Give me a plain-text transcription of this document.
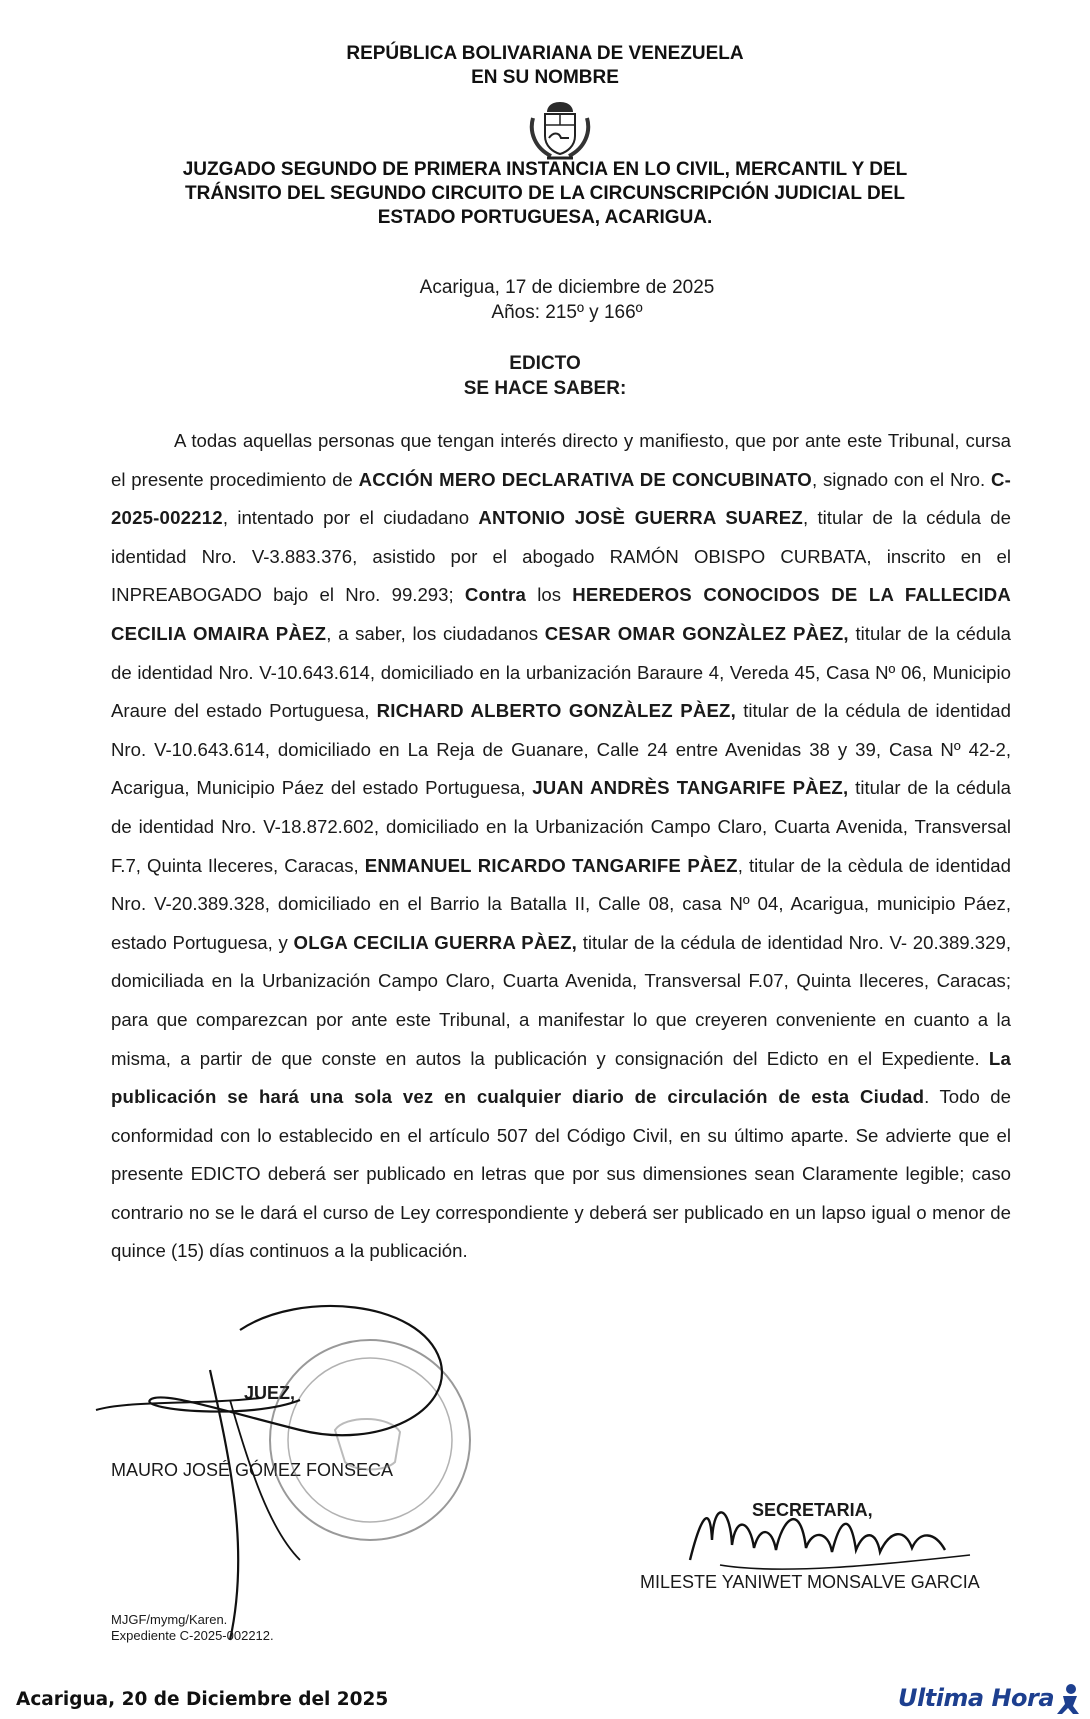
REPÚBLICA BOLIVARIANA DE VENEZUELA
EN SU NOMBRE
JUZGADO SEGUNDO DE PRIMERA INSTANCIA EN LO CIVIL, MERCANTIL Y DEL
TRÁNSITO DEL SEGUNDO CIRCUITO DE LA CIRCUNSCRIPCIÓN JUDICIAL DEL
ESTADO PORTUGUESA, ACARIGUA.
Acarigua, 17 de diciembre de 2025
Años: 215º y 166º
EDICTO
SE HACE SABER:

A todas aquellas personas que tengan interés directo y manifiesto, que por ante este Tribunal, cursa el presente procedimiento de ACCIÓN MERO DECLARATIVA DE CONCUBINATO, signado con el Nro. C-2025-002212, intentado por el ciudadano ANTONIO JOSÈ GUERRA SUAREZ, titular de la cédula de identidad Nro. V-3.883.376, asistido por el abogado RAMÓN OBISPO CURBATA, inscrito en el INPREABOGADO bajo el Nro. 99.293; Contra los HEREDEROS CONOCIDOS DE LA FALLECIDA CECILIA OMAIRA PÀEZ, a saber, los ciudadanos CESAR OMAR GONZÀLEZ PÀEZ, titular de la cédula de identidad Nro. V-10.643.614, domiciliado en la urbanización Baraure 4, Vereda 45, Casa Nº 06, Municipio Araure del estado Portuguesa, RICHARD ALBERTO GONZÀLEZ PÀEZ, titular de la cédula de identidad Nro. V-10.643.614, domiciliado en La Reja de Guanare, Calle 24 entre Avenidas 38 y 39, Casa Nº 42-2, Acarigua, Municipio Páez del estado Portuguesa, JUAN ANDRÈS TANGARIFE PÀEZ, titular de la cédula de identidad Nro. V-18.872.602, domiciliado en la Urbanización Campo Claro, Cuarta Avenida, Transversal F.7, Quinta Ileceres, Caracas, ENMANUEL RICARDO TANGARIFE PÀEZ, titular de la cèdula de identidad Nro. V-20.389.328, domiciliado en el Barrio la Batalla II, Calle 08, casa Nº 04, Acarigua, municipio Páez, estado Portuguesa, y OLGA CECILIA GUERRA PÀEZ, titular de la cédula de identidad Nro. V- 20.389.329, domiciliada en la Urbanización Campo Claro, Cuarta Avenida, Transversal F.07, Quinta Ileceres, Caracas; para que comparezcan por ante este Tribunal, a manifestar lo que creyeren conveniente en cuanto a la misma, a partir de que conste en autos la publicación y consignación del Edicto en el Expediente. La publicación se hará una sola vez en cualquier diario de circulación de esta Ciudad. Todo de conformidad con lo establecido en el artículo 507 del Código Civil, en su último aparte. Se advierte que el presente EDICTO deberá ser publicado en letras que por sus dimensiones sean Claramente legible; caso contrario no se le dará el curso de Ley correspondiente y deberá ser publicado en un lapso igual o menor de quince (15) días continuos a la publicación.

JUEZ,
MAURO JOSÉ GÓMEZ FONSECA
SECRETARIA,
MILESTE YANIWET MONSALVE GARCIA
MJGF/mymg/Karen.
Expediente C-2025-002212.
Acarigua, 20 de Diciembre del 2025	Ultima Hora
